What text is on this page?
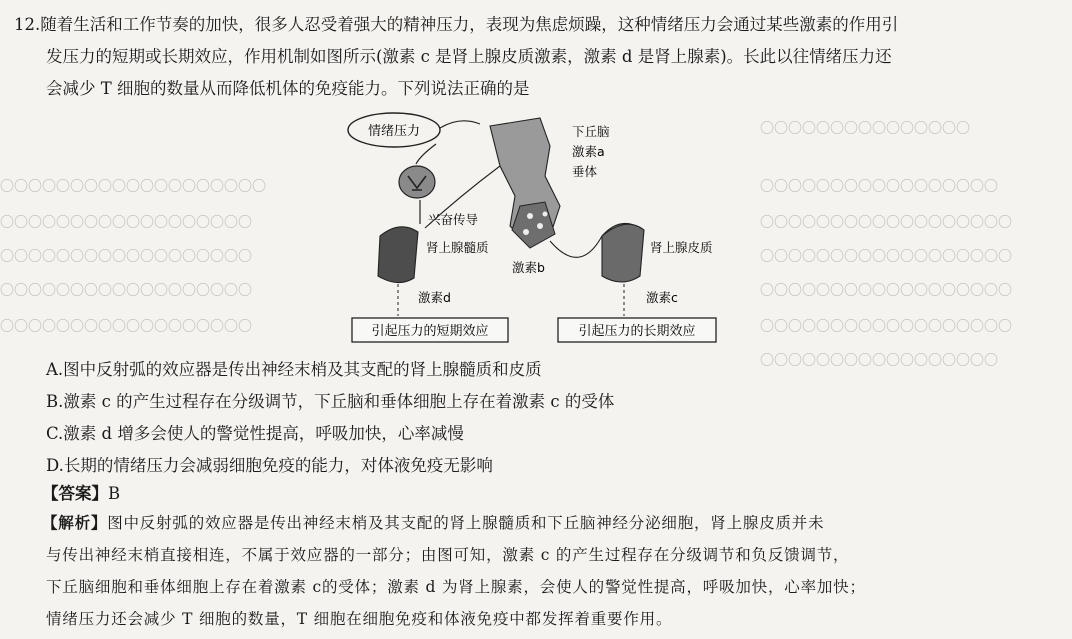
〇〇〇〇〇〇〇〇〇〇〇〇〇〇〇
〇〇〇〇〇〇〇〇〇〇〇〇〇〇〇〇〇
〇〇〇〇〇〇〇〇〇〇〇〇〇〇〇〇〇〇〇
〇〇〇〇〇〇〇〇〇〇〇〇〇〇〇〇〇〇	〇〇〇〇〇〇〇〇〇〇〇〇〇〇〇〇〇〇
〇〇〇〇〇〇〇〇〇〇〇〇〇〇〇〇〇〇	〇〇〇〇〇〇〇〇〇〇〇〇〇〇〇〇〇〇
〇〇〇〇〇〇〇〇〇〇〇〇〇〇〇〇〇〇	〇〇〇〇〇〇〇〇〇〇〇〇〇〇〇〇〇〇
〇〇〇〇〇〇〇〇〇〇〇〇〇〇〇〇〇〇	〇〇〇〇〇〇〇〇〇〇〇〇〇〇〇〇〇〇
〇〇〇〇〇〇〇〇〇〇〇〇〇〇〇〇〇
12.随着生活和工作节奏的加快，很多人忍受着强大的精神压力，表现为焦虑烦躁，这种情绪压力会通过某些激素的作用引
发压力的短期或长期效应，作用机制如图所示(激素 c 是肾上腺皮质激素，激素 d 是肾上腺素)。长此以往情绪压力还
会减少 T 细胞的数量从而降低机体的免疫能力。下列说法正确的是
情绪压力
兴奋传导
下丘脑
激素a
垂体
肾上腺髓质
激素b
肾上腺皮质
激素d	激素c
引起压力的短期效应	引起压力的长期效应
A.图中反射弧的效应器是传出神经末梢及其支配的肾上腺髓质和皮质
B.激素 c 的产生过程存在分级调节，下丘脑和垂体细胞上存在着激素 c 的受体
C.激素 d 增多会使人的警觉性提高，呼吸加快，心率减慢
D.长期的情绪压力会减弱细胞免疫的能力，对体液免疫无影响
【答案】B
【解析】图中反射弧的效应器是传出神经末梢及其支配的肾上腺髓质和下丘脑神经分泌细胞，肾上腺皮质并未
与传出神经末梢直接相连，不属于效应器的一部分；由图可知，激素 c 的产生过程存在分级调节和负反馈调节，
下丘脑细胞和垂体细胞上存在着激素 c的受体；激素 d 为肾上腺素，会使人的警觉性提高，呼吸加快，心率加快；
情绪压力还会减少 T 细胞的数量，T 细胞在细胞免疫和体液免疫中都发挥着重要作用。
